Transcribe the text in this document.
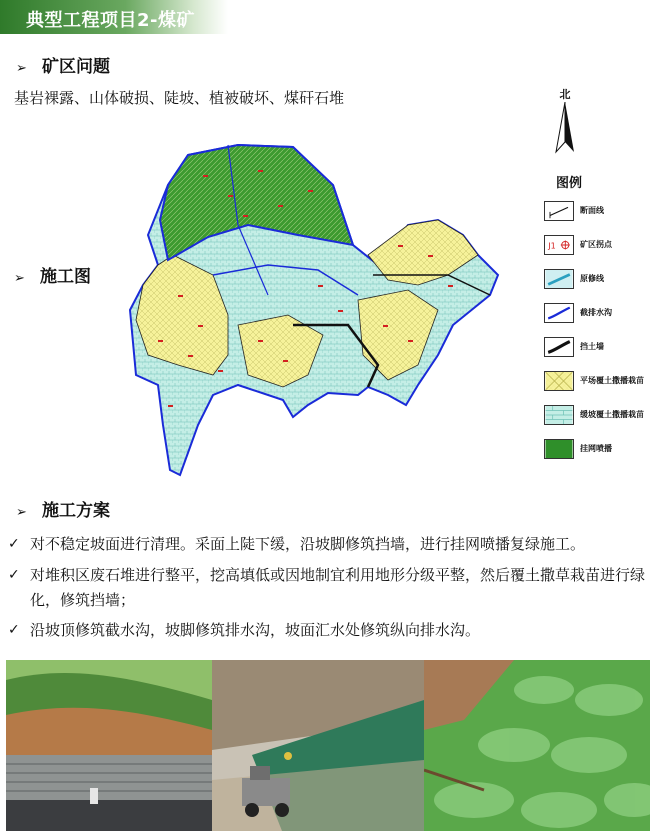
典型工程项目2-煤矿
➢ 矿区问题
基岩裸露、山体破损、陡坡、植被破坏、煤矸石堆
➢ 施工图
北
图例
断面线
J1	矿区拐点
原修线
截排水沟
挡土墙
平场覆土撒播栽苗
缓坡覆土撒播栽苗
挂网喷播
➢ 施工方案
✓ 对不稳定坡面进行清理。采面上陡下缓，沿坡脚修筑挡墙，进行挂网喷播复绿施工。
✓ 对堆积区废石堆进行整平，挖高填低或因地制宜利用地形分级平整，然后覆土撒草栽苗进行绿化，修筑挡墙；
✓ 沿坡顶修筑截水沟，坡脚修筑排水沟，坡面汇水处修筑纵向排水沟。
